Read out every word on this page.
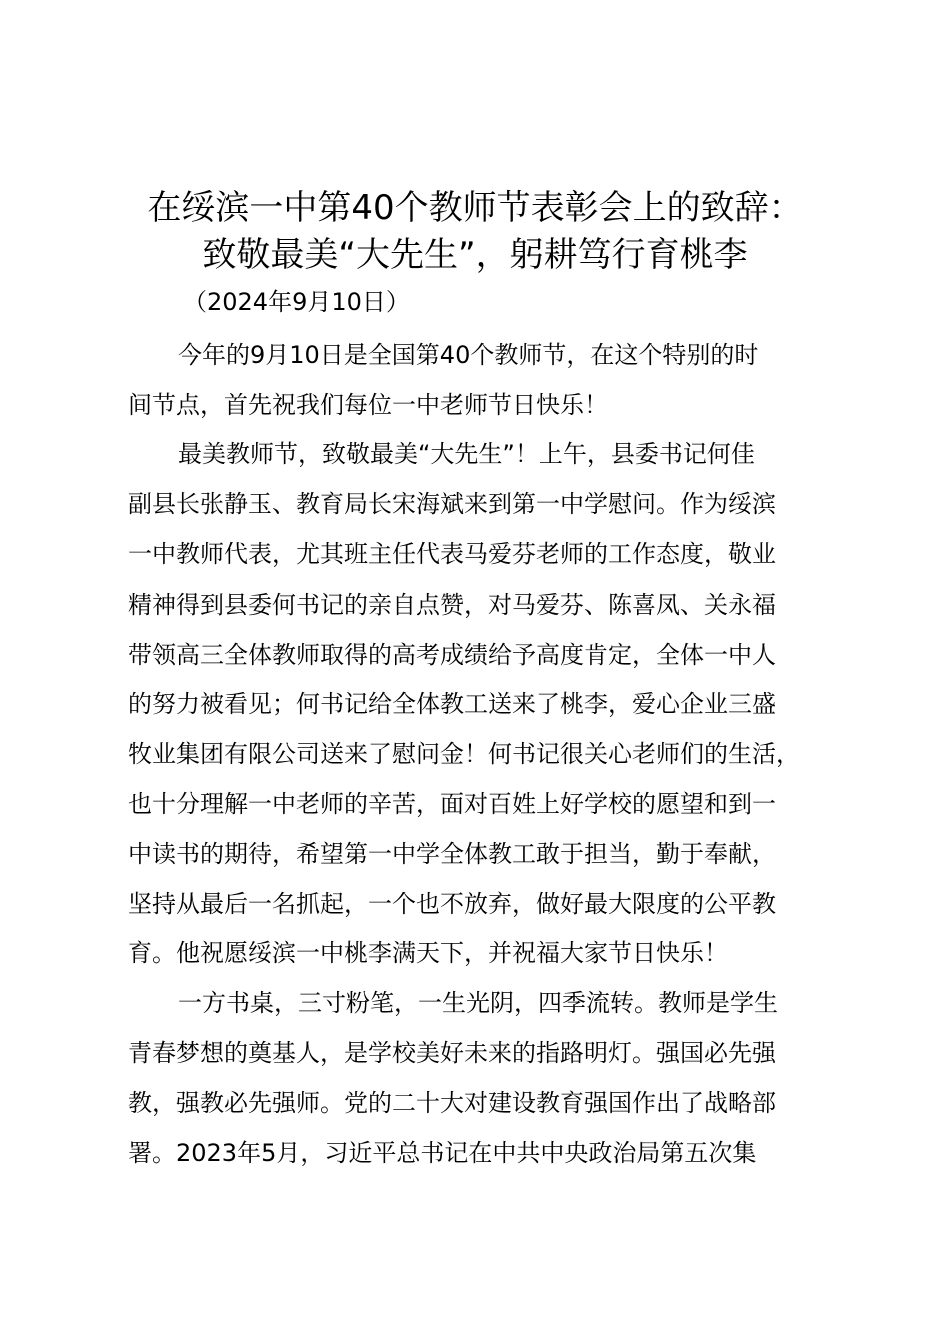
在绥滨一中第40个教师节表彰会上的致辞：
致敬最美“大先生”，躬耕笃行育桃李
（2024年9月10日）
今年的9月10日是全国第40个教师节，在这个特别的时
间节点，首先祝我们每位一中老师节日快乐！
最美教师节，致敬最美“大先生”！上午，县委书记何佳
副县长张静玉、教育局长宋海斌来到第一中学慰问。作为绥滨
一中教师代表，尤其班主任代表马爱芬老师的工作态度，敬业
精神得到县委何书记的亲自点赞，对马爱芬、陈喜凤、关永福
带领高三全体教师取得的高考成绩给予高度肯定，全体一中人
的努力被看见；何书记给全体教工送来了桃李，爱心企业三盛
牧业集团有限公司送来了慰问金！何书记很关心老师们的生活，
也十分理解一中老师的辛苦，面对百姓上好学校的愿望和到一
中读书的期待，希望第一中学全体教工敢于担当，勤于奉献，
坚持从最后一名抓起，一个也不放弃，做好最大限度的公平教
育。他祝愿绥滨一中桃李满天下，并祝福大家节日快乐！
一方书桌，三寸粉笔，一生光阴，四季流转。教师是学生
青春梦想的奠基人，是学校美好未来的指路明灯。强国必先强
教，强教必先强师。党的二十大对建设教育强国作出了战略部
署。2023年5月，习近平总书记在中共中央政治局第五次集
